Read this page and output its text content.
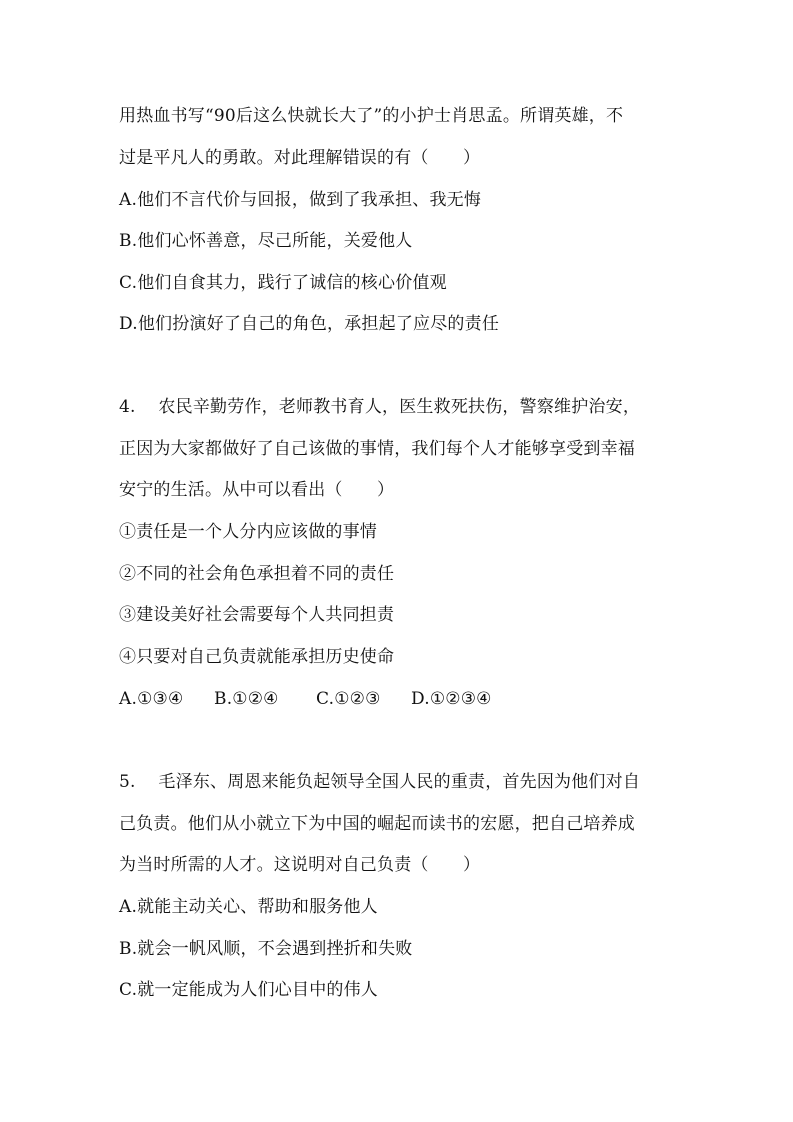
用热血书写“90后这么快就长大了”的小护士肖思孟。所谓英雄，不
过是平凡人的勇敢。对此理解错误的有（　　）
A.他们不言代价与回报，做到了我承担、我无悔
B.他们心怀善意，尽己所能，关爱他人
C.他们自食其力，践行了诚信的核心价值观
D.他们扮演好了自己的角色，承担起了应尽的责任
4.　 农民辛勤劳作，老师教书育人，医生救死扶伤，警察维护治安，
正因为大家都做好了自己该做的事情，我们每个人才能够享受到幸福
安宁的生活。从中可以看出（　　）
①责任是一个人分内应该做的事情
②不同的社会角色承担着不同的责任
③建设美好社会需要每个人共同担责
④只要对自己负责就能承担历史使命
A.①③④ B.①②④ C.①②③ D.①②③④
5.　 毛泽东、周恩来能负起领导全国人民的重责，首先因为他们对自
己负责。他们从小就立下为中国的崛起而读书的宏愿，把自己培养成
为当时所需的人才。这说明对自己负责（　　）
A.就能主动关心、帮助和服务他人
B.就会一帆风顺，不会遇到挫折和失败
C.就一定能成为人们心目中的伟人
